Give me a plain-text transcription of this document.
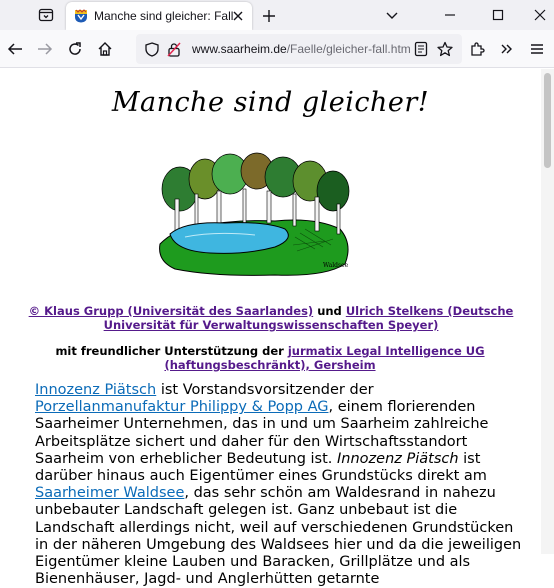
Manche sind gleicher: Fall
www.saarheim.de/Faelle/gleicher-fall.htm
Manche sind gleicher!
Waldsee
© Klaus Grupp (Universität des Saarlandes) und Ulrich Stelkens (Deutsche Universität für Verwaltungswissenschaften Speyer)
mit freundlicher Unterstützung der jurmatix Legal Intelligence UG (haftungsbeschränkt), Gersheim
Innozenz Piätsch ist Vorstandsvorsitzender der Porzellanmanufaktur Philippy & Popp AG, einem florierenden Saarheimer Unternehmen, das in und um Saarheim zahlreiche Arbeitsplätze sichert und daher für den Wirtschaftsstandort Saarheim von erheblicher Bedeutung ist. Innozenz Piätsch ist darüber hinaus auch Eigentümer eines Grundstücks direkt am Saarheimer Waldsee, das sehr schön am Waldesrand in nahezu unbebauter Landschaft gelegen ist. Ganz unbebaut ist die Landschaft allerdings nicht, weil auf verschiedenen Grundstücken in der näheren Umgebung des Waldsees hier und da die jeweiligen Eigentümer kleine Lauben und Baracken, Grillplätze und als Bienenhäuser, Jagd- und Anglerhütten getarnte
